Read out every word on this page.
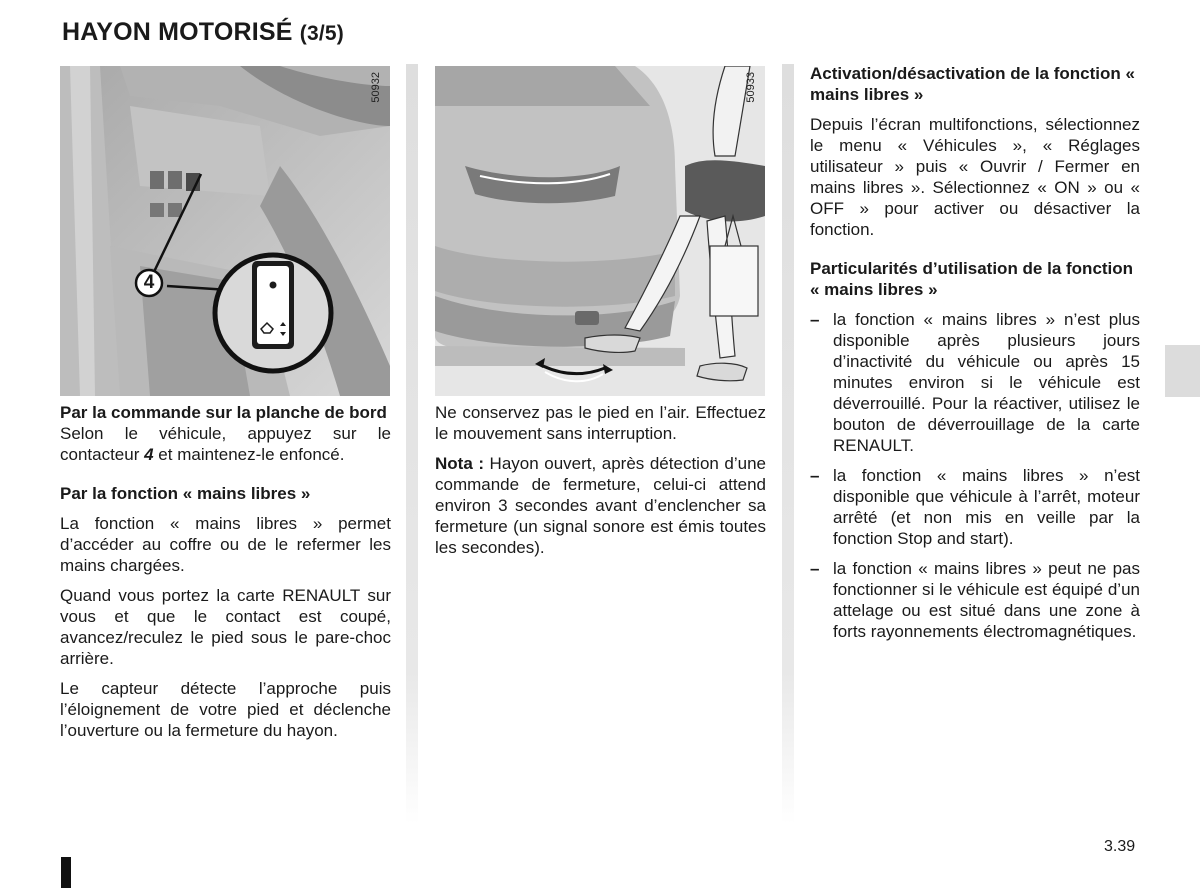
HAYON MOTORISÉ (3/5)
4
50932	50933

Par la commande sur la planche de bord

Selon le véhicule, appuyez sur le contacteur 4 et maintenez-le enfoncé.

Par la fonction « mains libres »

La fonction « mains libres » permet d’accéder au coffre ou de le refermer les mains chargées.

Quand vous portez la carte RENAULT sur vous et que le contact est coupé, avancez/reculez le pied sous le pare-choc arrière.

Le capteur détecte l’approche puis l’éloignement de votre pied et déclenche l’ouverture ou la fermeture du hayon.

Ne conservez pas le pied en l’air. Effectuez le mouvement sans interruption.

Nota : Hayon ouvert, après détection d’une commande de fermeture, celui-ci attend environ 3 secondes avant d’enclencher sa fermeture (un signal sonore est émis toutes les secondes).

Activation/désactivation de la fonction « mains libres »

Depuis l’écran multifonctions, sélectionnez le menu « Véhicules », « Réglages utilisateur » puis « Ouvrir / Fermer en mains libres ». Sélectionnez « ON » ou « OFF » pour activer ou désactiver la fonction.

Particularités d’utilisation de la fonction « mains libres »

– la fonction « mains libres » n’est plus disponible après plusieurs jours d’inactivité du véhicule ou après 15 minutes environ si le véhicule est déverrouillé. Pour la réactiver, utilisez le bouton de déverrouillage de la carte RENAULT.
– la fonction « mains libres » n’est disponible que véhicule à l’arrêt, moteur arrêté (et non mis en veille par la fonction Stop and start).
– la fonction « mains libres » peut ne pas fonctionner si le véhicule est équipé d’un attelage ou est situé dans une zone à forts rayonnements électromagnétiques.
3.39
